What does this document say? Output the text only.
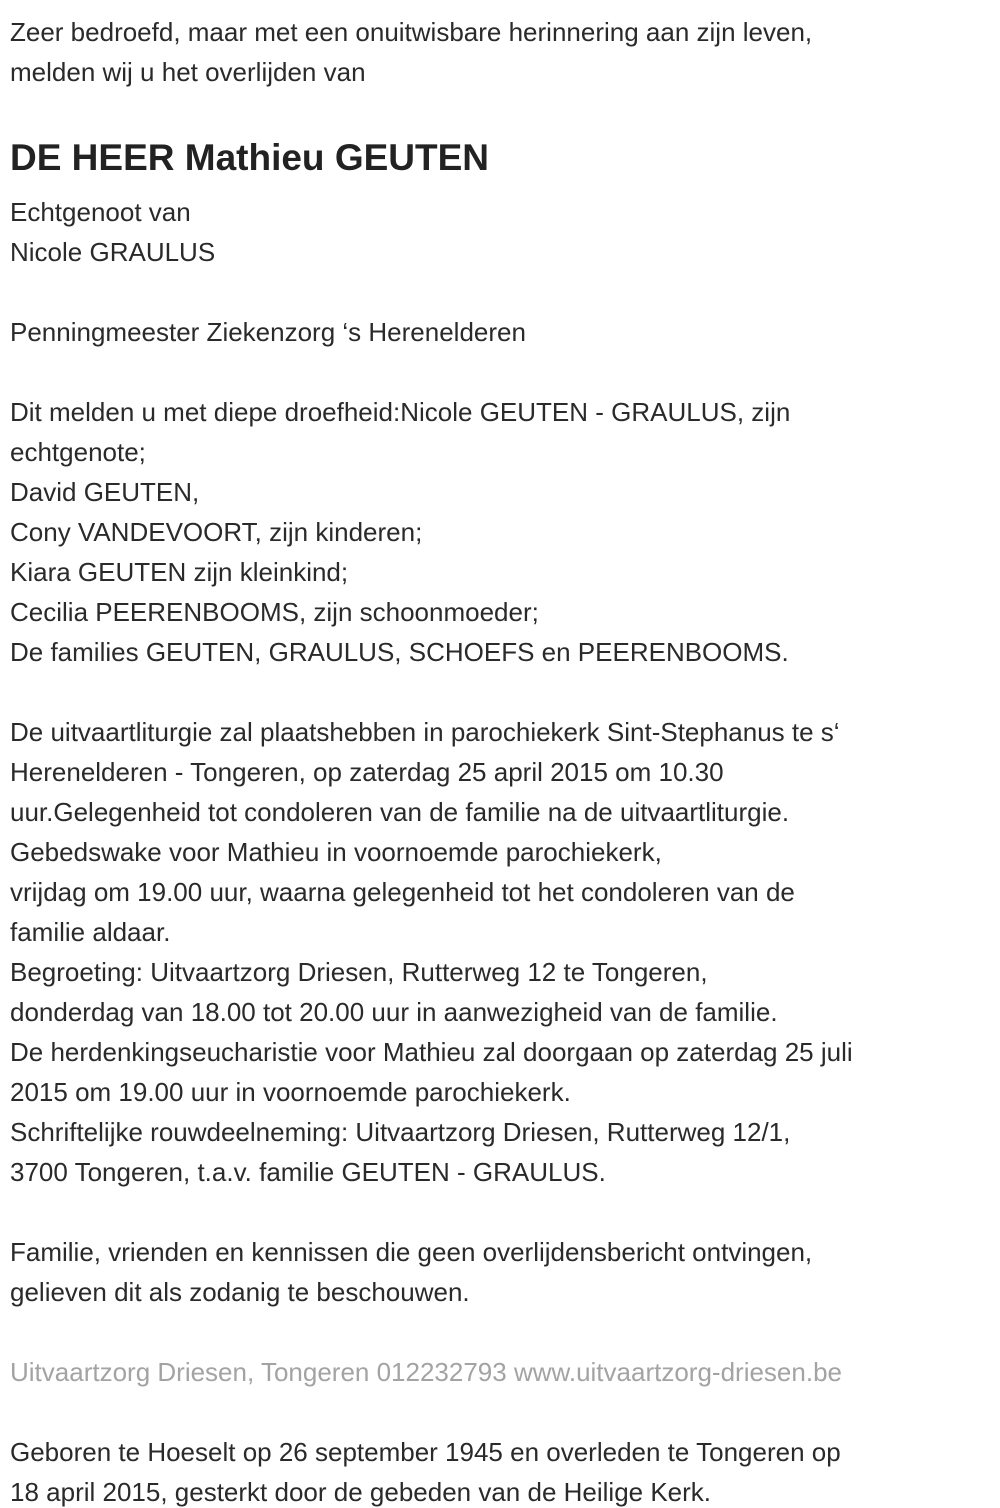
Zeer bedroefd, maar met een onuitwisbare herinnering aan zijn leven,
melden wij u het overlijden van
DE HEER Mathieu GEUTEN
Echtgenoot van
Nicole GRAULUS
Penningmeester Ziekenzorg ‘s Herenelderen
Dit melden u met diepe droefheid:Nicole GEUTEN - GRAULUS, zijn
echtgenote;
David GEUTEN,
Cony VANDEVOORT, zijn kinderen;
Kiara GEUTEN zijn kleinkind;
Cecilia PEERENBOOMS, zijn schoonmoeder;
De families GEUTEN, GRAULUS, SCHOEFS en PEERENBOOMS.
De uitvaartliturgie zal plaatshebben in parochiekerk Sint-Stephanus te s‘
Herenelderen - Tongeren, op zaterdag 25 april 2015 om 10.30
uur.Gelegenheid tot condoleren van de familie na de uitvaartliturgie.
Gebedswake voor Mathieu in voornoemde parochiekerk,
vrijdag om 19.00 uur, waarna gelegenheid tot het condoleren van de
familie aldaar.
Begroeting: Uitvaartzorg Driesen, Rutterweg 12 te Tongeren,
donderdag van 18.00 tot 20.00 uur in aanwezigheid van de familie.
De herdenkingseucharistie voor Mathieu zal doorgaan op zaterdag 25 juli
2015 om 19.00 uur in voornoemde parochiekerk.
Schriftelijke rouwdeelneming: Uitvaartzorg Driesen, Rutterweg 12/1,
3700 Tongeren, t.a.v. familie GEUTEN - GRAULUS.
Familie, vrienden en kennissen die geen overlijdensbericht ontvingen,
gelieven dit als zodanig te beschouwen.
Uitvaartzorg Driesen, Tongeren 012232793 www.uitvaartzorg-driesen.be
Geboren te Hoeselt op 26 september 1945 en overleden te Tongeren op
18 april 2015, gesterkt door de gebeden van de Heilige Kerk.
